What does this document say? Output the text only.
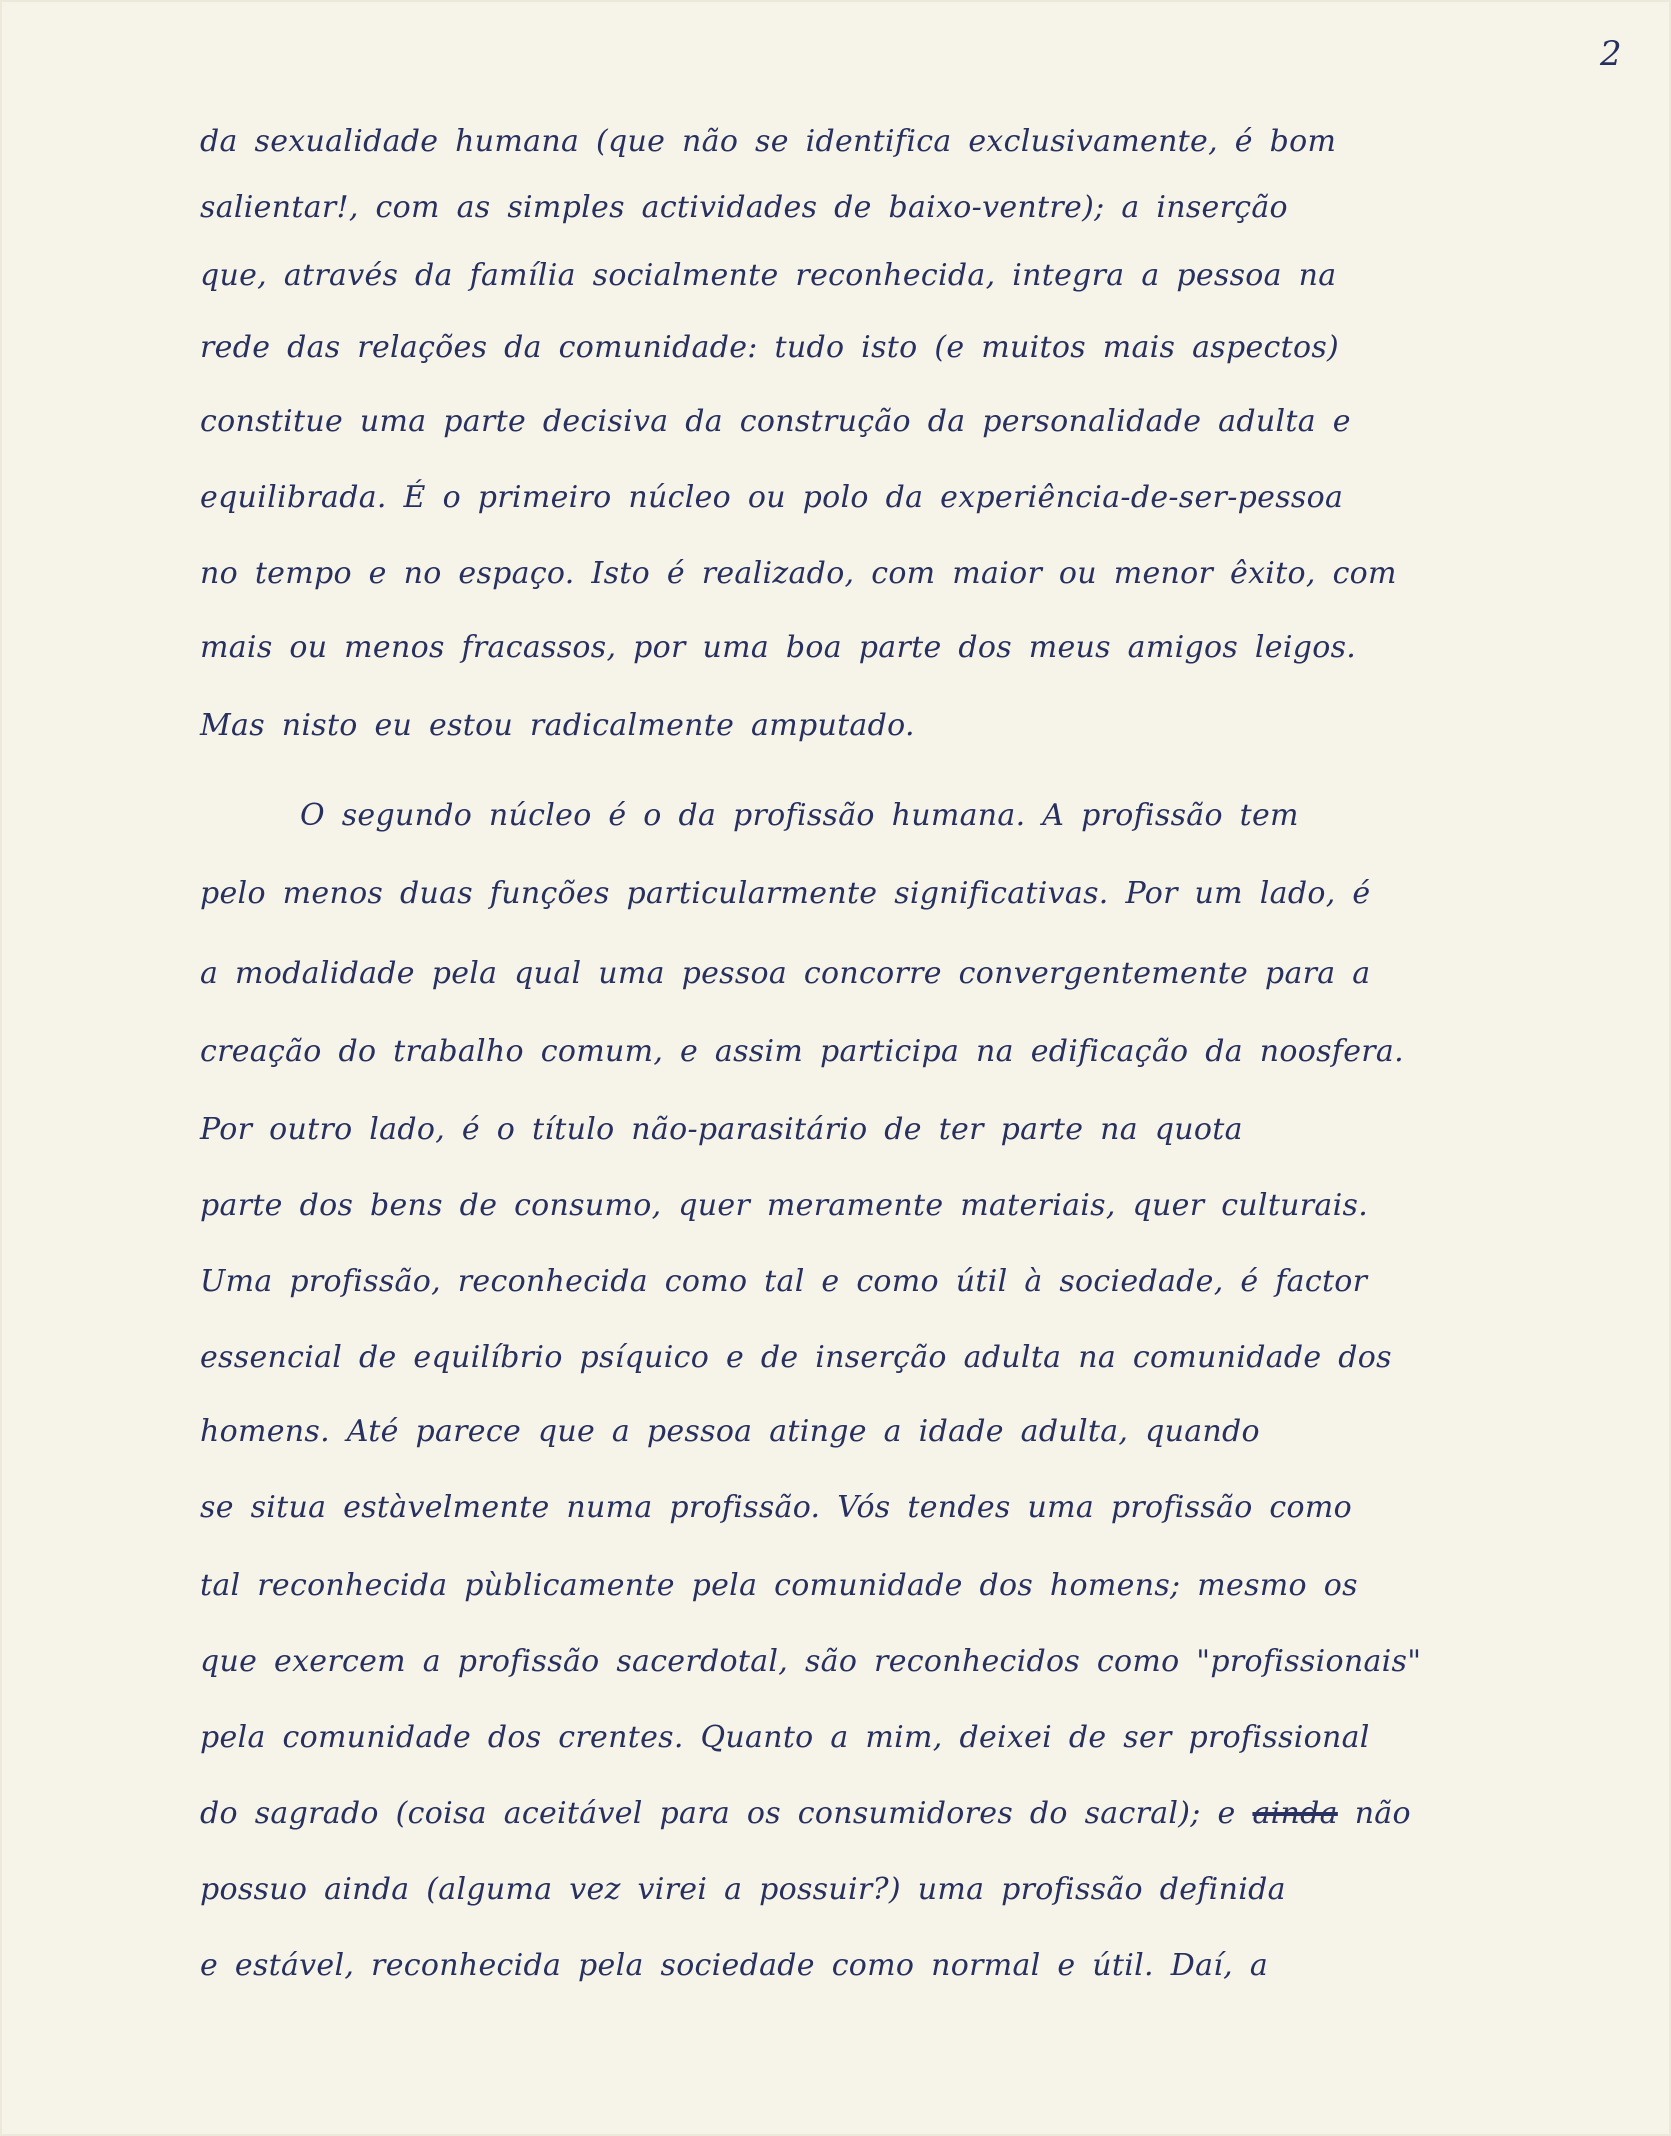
2

da sexualidade humana (que não se identifica exclusivamente, é bom

salientar!, com as simples actividades de baixo-ventre); a inserção

que, através da família socialmente reconhecida, integra a pessoa na

rede das relações da comunidade: tudo isto (e muitos mais aspectos)

constitue uma parte decisiva da construção da personalidade adulta e

equilibrada. É o primeiro núcleo ou polo da experiência-de-ser-pessoa

no tempo e no espaço. Isto é realizado, com maior ou menor êxito, com

mais ou menos fracassos, por uma boa parte dos meus amigos leigos.

Mas nisto eu estou radicalmente amputado.

O segundo núcleo é o da profissão humana. A profissão tem

pelo menos duas funções particularmente significativas. Por um lado, é

a modalidade pela qual uma pessoa concorre convergentemente para a

creação do trabalho comum, e assim participa na edificação da noosfera.

Por outro lado, é o título não-parasitário de ter parte na quota

parte dos bens de consumo, quer meramente materiais, quer culturais.

Uma profissão, reconhecida como tal e como útil à sociedade, é factor

essencial de equilíbrio psíquico e de inserção adulta na comunidade dos

homens. Até parece que a pessoa atinge a idade adulta, quando

se situa estàvelmente numa profissão. Vós tendes uma profissão como

tal reconhecida pùblicamente pela comunidade dos homens; mesmo os

que exercem a profissão sacerdotal, são reconhecidos como "profissionais"

pela comunidade dos crentes. Quanto a mim, deixei de ser profissional

do sagrado (coisa aceitável para os consumidores do sacral); e ainda não

possuo ainda (alguma vez virei a possuir?) uma profissão definida

e estável, reconhecida pela sociedade como normal e útil. Daí, a
